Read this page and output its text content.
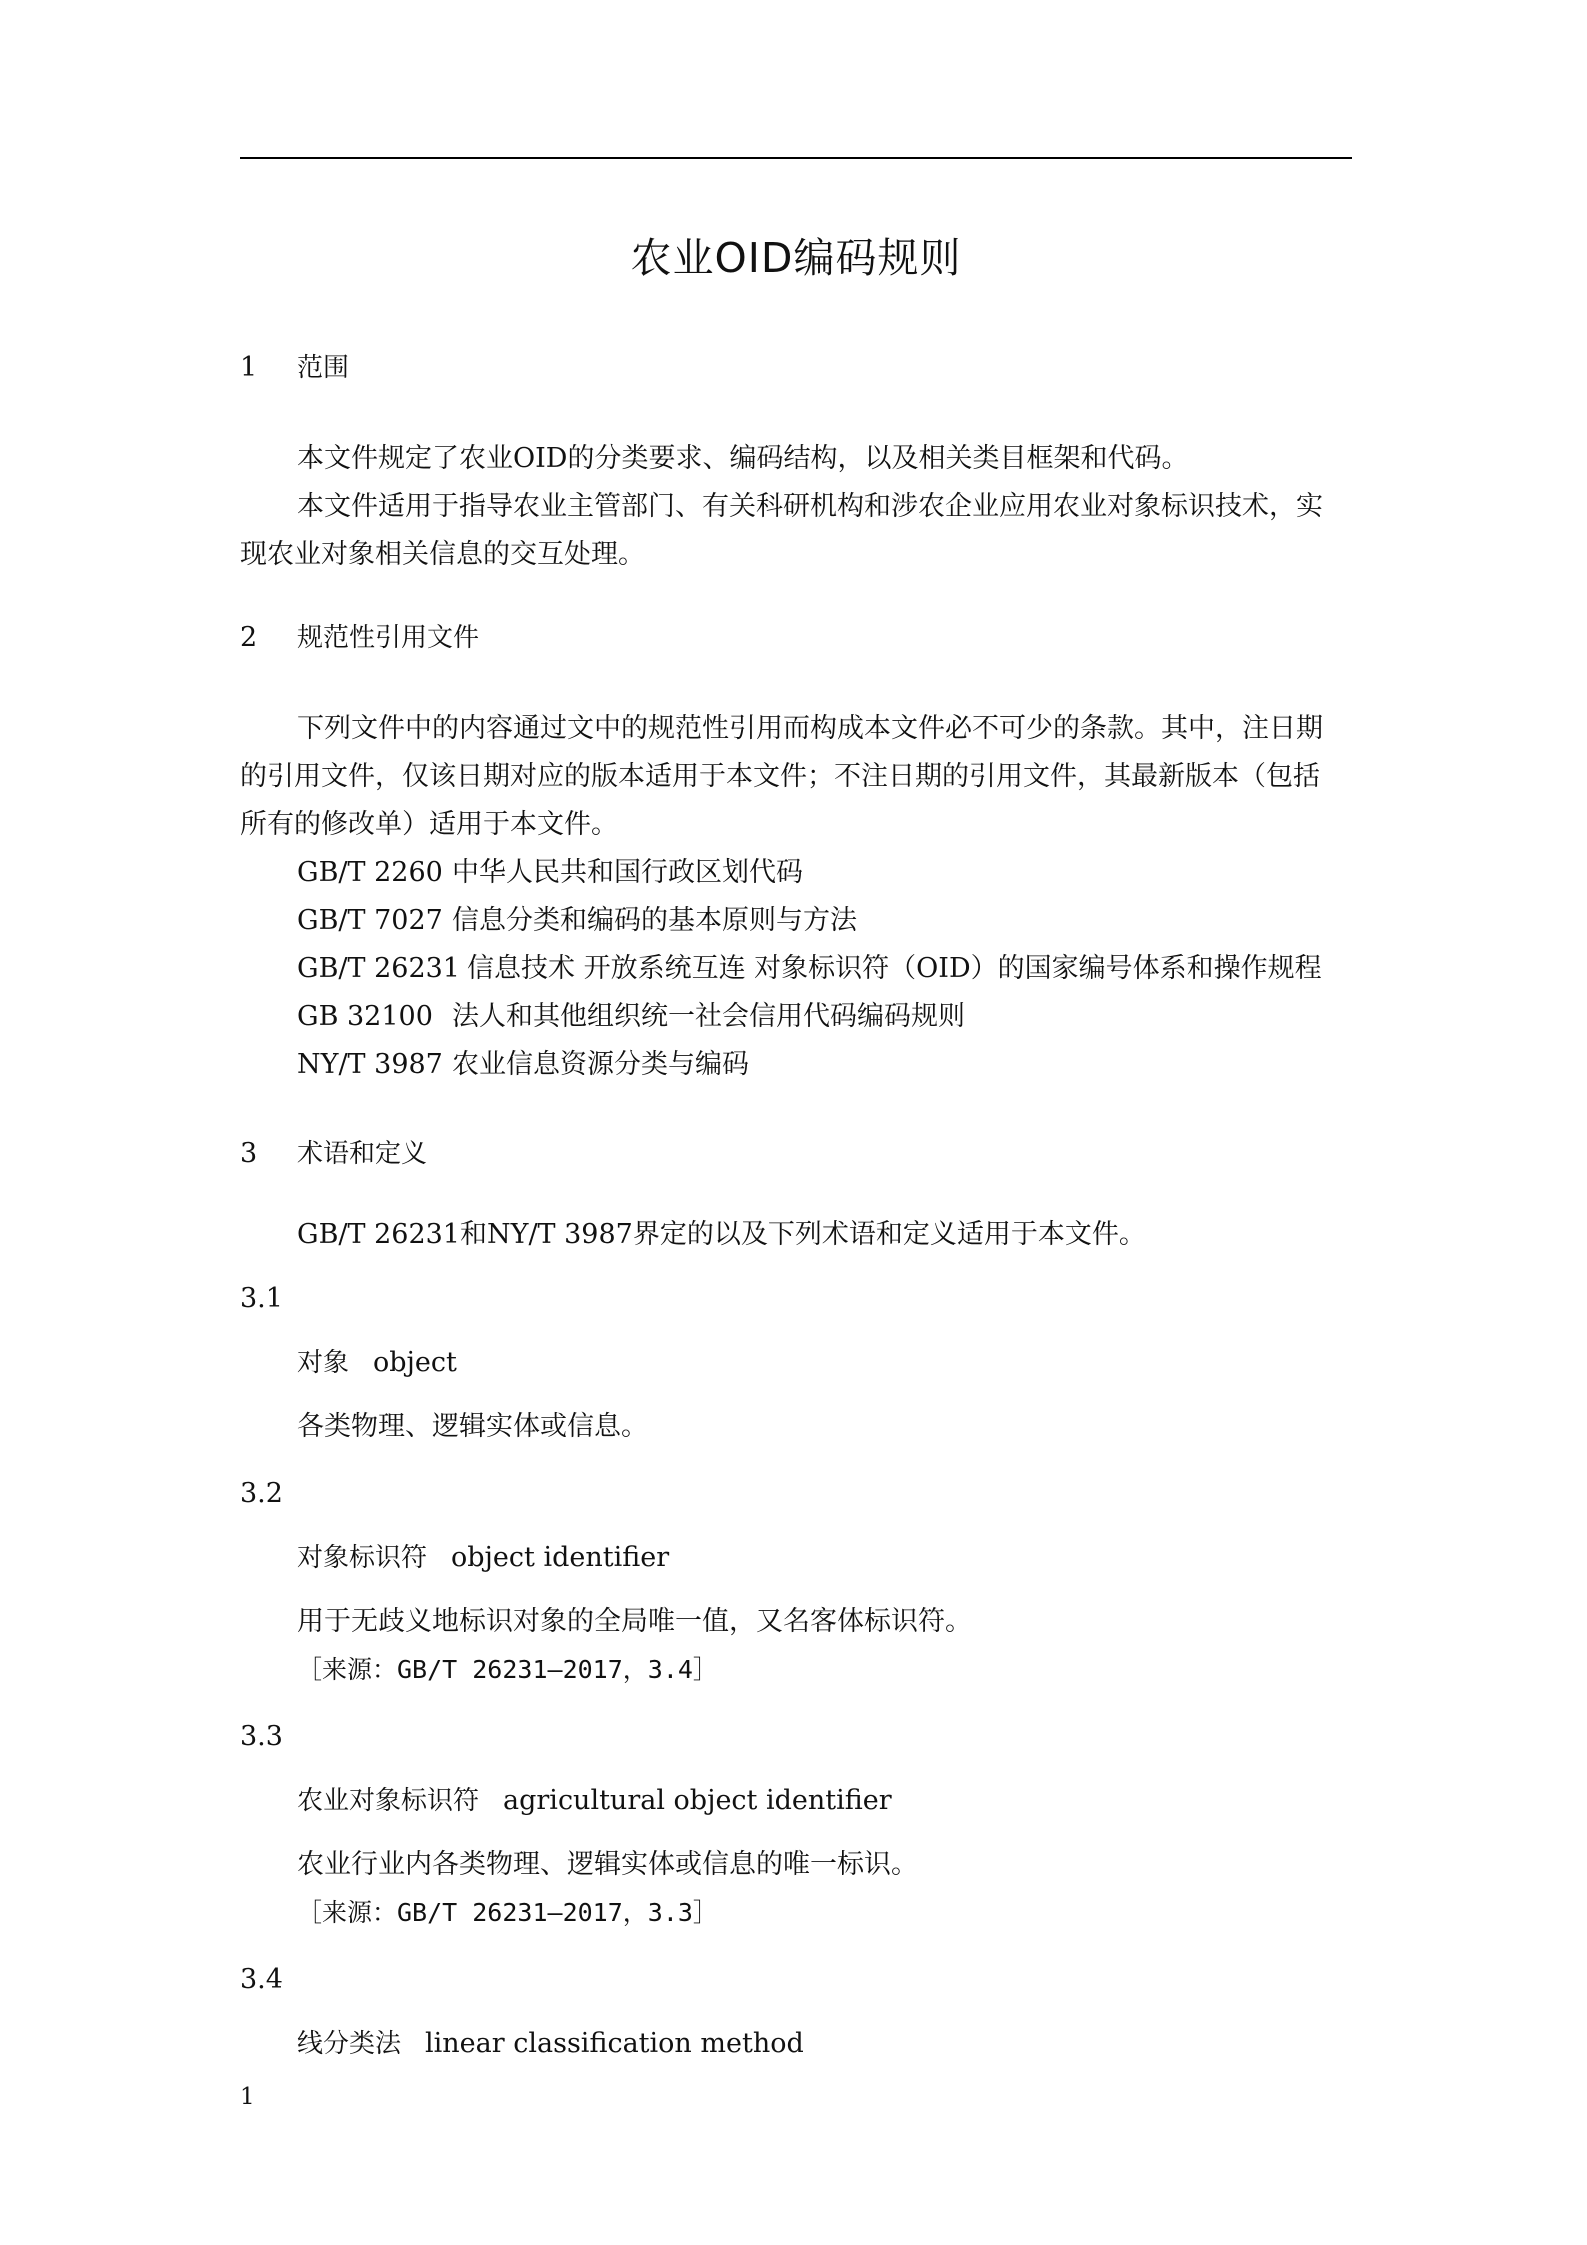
农业OID编码规则
1 范围
本文件规定了农业OID的分类要求、编码结构，以及相关类目框架和代码。
本文件适用于指导农业主管部门、有关科研机构和涉农企业应用农业对象标识技术，实
现农业对象相关信息的交互处理。
2 规范性引用文件
下列文件中的内容通过文中的规范性引用而构成本文件必不可少的条款。其中，注日期
的引用文件，仅该日期对应的版本适用于本文件；不注日期的引用文件，其最新版本（包括
所有的修改单）适用于本文件。
GB/T 2260 中华人民共和国行政区划代码
GB/T 7027 信息分类和编码的基本原则与方法
GB/T 26231 信息技术 开放系统互连 对象标识符（OID）的国家编号体系和操作规程
GB 32100 法人和其他组织统一社会信用代码编码规则
NY/T 3987 农业信息资源分类与编码
3 术语和定义
GB/T 26231和NY/T 3987界定的以及下列术语和定义适用于本文件。
3.1
对象 object
各类物理、逻辑实体或信息。
3.2
对象标识符 object identifier
用于无歧义地标识对象的全局唯一值，又名客体标识符。
［来源：GB/T 26231—2017，3.4］
3.3
农业对象标识符 agricultural object identifier
农业行业内各类物理、逻辑实体或信息的唯一标识。
［来源：GB/T 26231—2017，3.3］
3.4
线分类法 linear classification method
1
